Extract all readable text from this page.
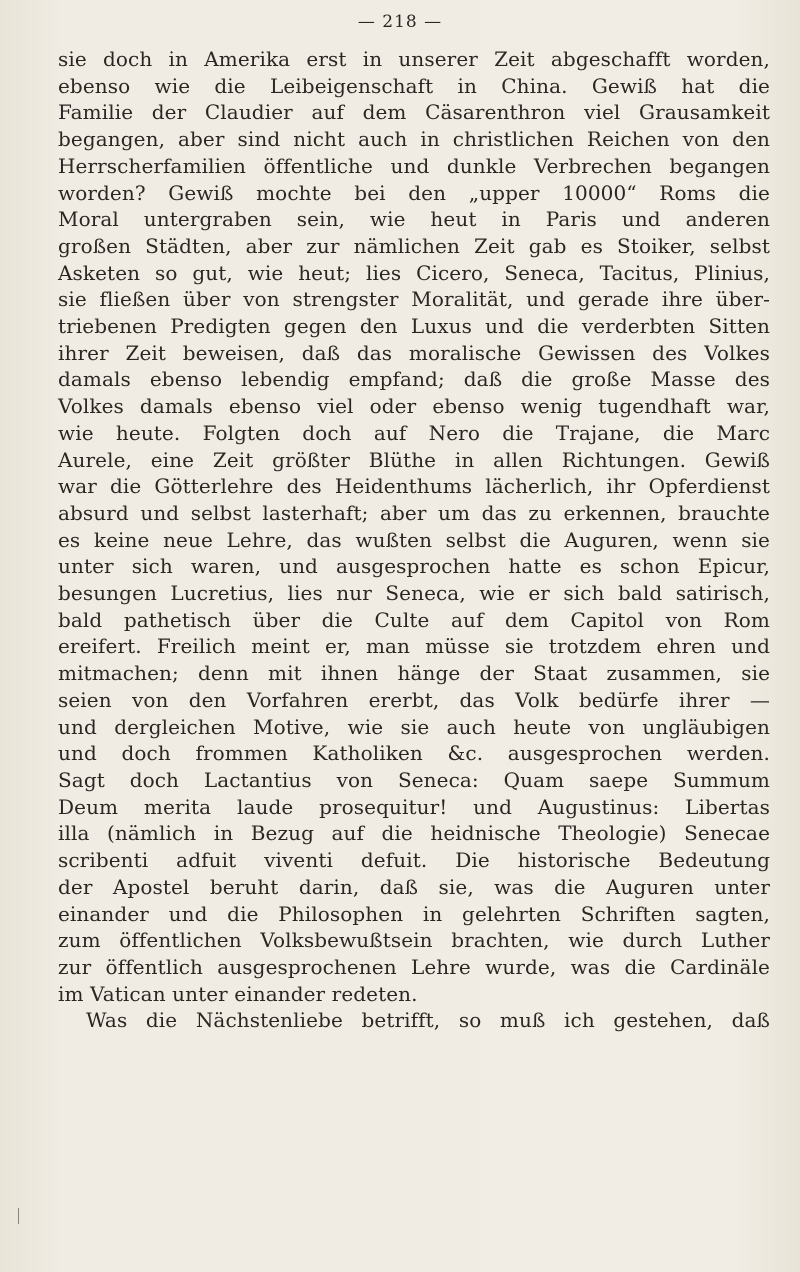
— 218 —
sie doch in Amerika erst in unserer Zeit abgeschafft worden,
ebenso wie die Leibeigenschaft in China. Gewiß hat die
Familie der Claudier auf dem Cäsarenthron viel Grausamkeit
begangen, aber sind nicht auch in christlichen Reichen von den
Herrscherfamilien öffentliche und dunkle Verbrechen begangen
worden? Gewiß mochte bei den „upper 10000“ Roms die
Moral untergraben sein, wie heut in Paris und anderen
großen Städten, aber zur nämlichen Zeit gab es Stoiker, selbst
Asketen so gut, wie heut; lies Cicero, Seneca, Tacitus, Plinius,
sie fließen über von strengster Moralität, und gerade ihre über-
triebenen Predigten gegen den Luxus und die verderbten Sitten
ihrer Zeit beweisen, daß das moralische Gewissen des Volkes
damals ebenso lebendig empfand; daß die große Masse des
Volkes damals ebenso viel oder ebenso wenig tugendhaft war,
wie heute. Folgten doch auf Nero die Trajane, die Marc
Aurele, eine Zeit größter Blüthe in allen Richtungen. Gewiß
war die Götterlehre des Heidenthums lächerlich, ihr Opferdienst
absurd und selbst lasterhaft; aber um das zu erkennen, brauchte
es keine neue Lehre, das wußten selbst die Auguren, wenn sie
unter sich waren, und ausgesprochen hatte es schon Epicur,
besungen Lucretius, lies nur Seneca, wie er sich bald satirisch,
bald pathetisch über die Culte auf dem Capitol von Rom
ereifert. Freilich meint er, man müsse sie trotzdem ehren und
mitmachen; denn mit ihnen hänge der Staat zusammen, sie
seien von den Vorfahren ererbt, das Volk bedürfe ihrer —
und dergleichen Motive, wie sie auch heute von ungläubigen
und doch frommen Katholiken &c. ausgesprochen werden.
Sagt doch Lactantius von Seneca: Quam saepe Summum
Deum merita laude prosequitur! und Augustinus: Libertas
illa (nämlich in Bezug auf die heidnische Theologie) Senecae
scribenti adfuit viventi defuit. Die historische Bedeutung
der Apostel beruht darin, daß sie, was die Auguren unter
einander und die Philosophen in gelehrten Schriften sagten,
zum öffentlichen Volksbewußtsein brachten, wie durch Luther
zur öffentlich ausgesprochenen Lehre wurde, was die Cardinäle
im Vatican unter einander redeten.
Was die Nächstenliebe betrifft, so muß ich gestehen, daß
